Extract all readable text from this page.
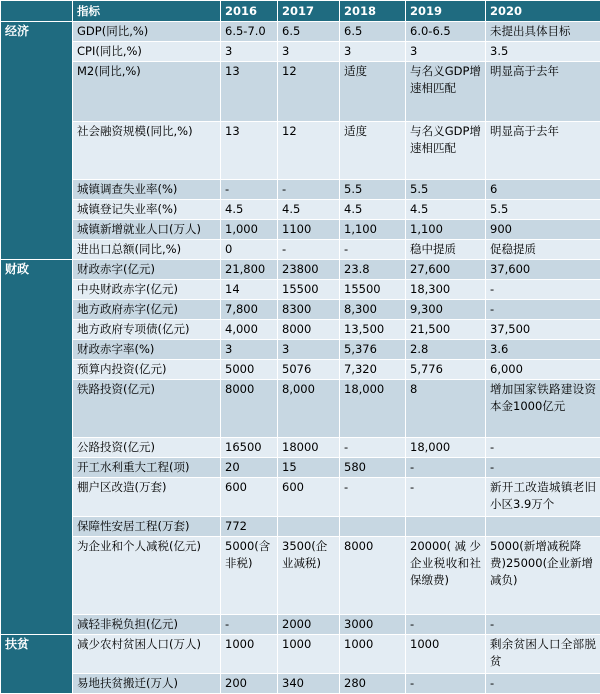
	指标	2016	2017	2018	2019	2020
经济	GDP(同比,%)	6.5-7.0	6.5	6.5	6.0-6.5	未提出具体目标
	CPI(同比,%)	3	3	3	3	3.5
	M2(同比,%)	13	12	适度	与名义GDP增速相匹配	明显高于去年
	社会融资规模(同比,%)	13	12	适度	与名义GDP增速相匹配	明显高于去年
	城镇调查失业率(%)	-	-	5.5	5.5	6
	城镇登记失业率(%)	4.5	4.5	4.5	4.5	5.5
	城镇新增就业人口(万人)	1,000	1100	1,100	1,100	900
	进出口总额(同比,%)	0	-	-	稳中提质	促稳提质
财政	财政赤字(亿元)	21,800	23800	23.8	27,600	37,600
	中央财政赤字(亿元)	14	15500	15500	18,300	-
	地方政府赤字(亿元)	7,800	8300	8,300	9,300	-
	地方政府专项债(亿元)	4,000	8000	13,500	21,500	37,500
	财政赤字率(%)	3	3	5,376	2.8	3.6
	预算内投资(亿元)	5000	5076	7,320	5,776	6,000
	铁路投资(亿元)	8000	8,000	18,000	8	增加国家铁路建设资本金1000亿元
	公路投资(亿元)	16500	18000	-	18,000	-
	开工水利重大工程(项)	20	15	580	-	-
	棚户区改造(万套)	600	600	-	-	新开工改造城镇老旧小区3.9万个
	保障性安居工程(万套)	772				
	为企业和个人减税(亿元)	5000(含非税)	3500(企业减税)	8000	20000(减少企业税收和社保缴费)	5000(新增减税降费)25000(企业新增减负)
	减轻非税负担(亿元)	-	2000	3000	-	-
扶贫	减少农村贫困人口(万人)	1000	1000	1000	1000	剩余贫困人口全部脱贫
	易地扶贫搬迁(万人)	200	340	280	-	-
